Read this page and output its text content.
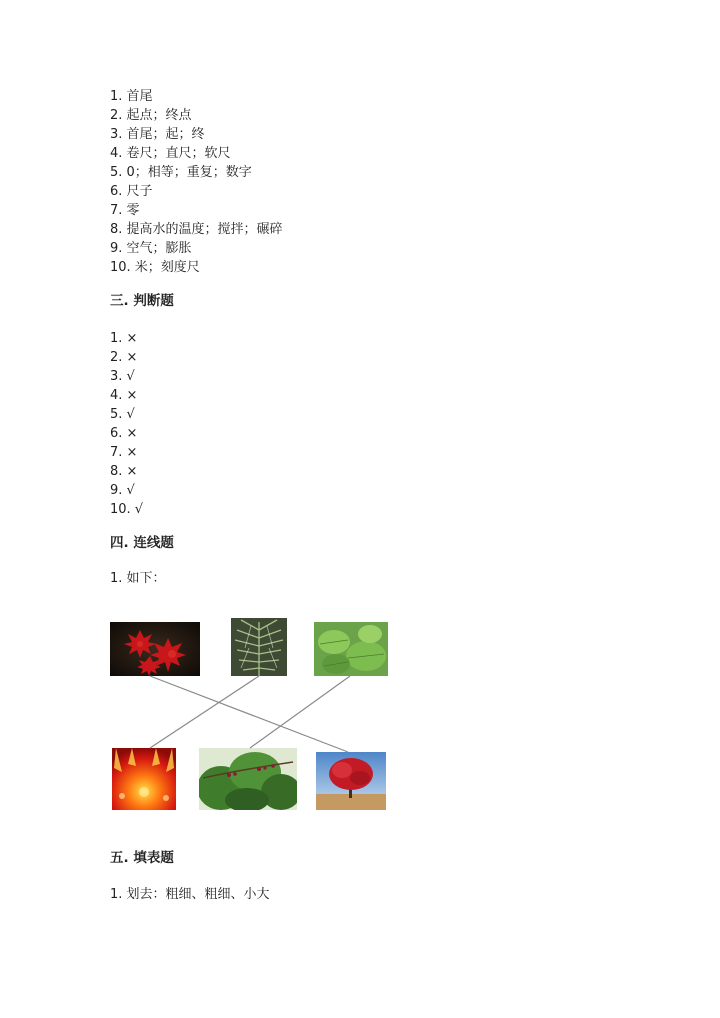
1. 首尾
2. 起点；终点
3. 首尾；起；终
4. 卷尺；直尺；软尺
5. 0；相等；重复；数字
6. 尺子
7. 零
8. 提高水的温度；搅拌；碾碎
9. 空气；膨胀
10. 米；刻度尺
三. 判断题
1. ×
2. ×
3. √
4. ×
5. √
6. ×
7. ×
8. ×
9. √
10. √
四. 连线题

1. 如下：

五. 填表题

1. 划去：粗细、粗细、小大
